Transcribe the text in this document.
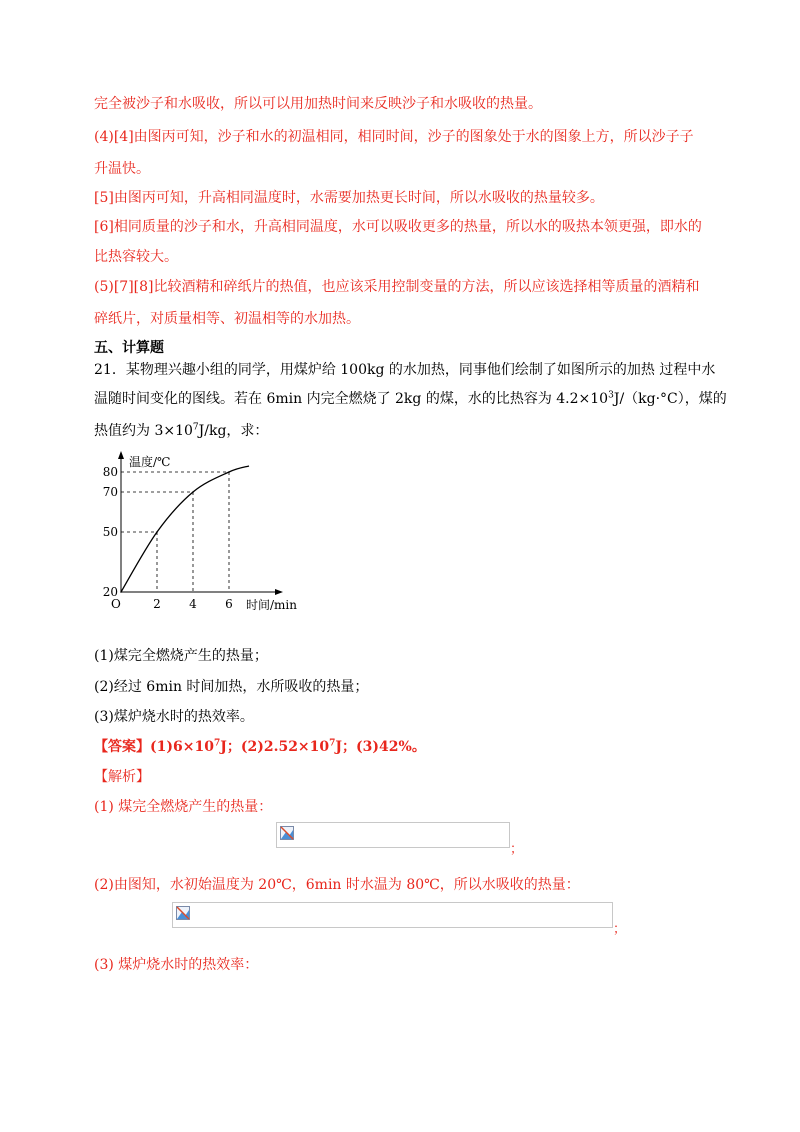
完全被沙子和水吸收，所以可以用加热时间来反映沙子和水吸收的热量。
(4)[4]由图丙可知，沙子和水的初温相同，相同时间，沙子的图象处于水的图象上方，所以沙子子
升温快。
[5]由图丙可知，升高相同温度时，水需要加热更长时间，所以水吸收的热量较多。
[6]相同质量的沙子和水，升高相同温度，水可以吸收更多的热量，所以水的吸热本领更强，即水的
比热容较大。
(5)[7][8]比较酒精和碎纸片的热值，也应该采用控制变量的方法，所以应该选择相等质量的酒精和
碎纸片，对质量相等、初温相等的水加热。
五、计算题
21．某物理兴趣小组的同学，用煤炉给 100kg 的水加热，同事他们绘制了如图所示的加热 过程中水
温随时间变化的图线。若在 6min 内完全燃烧了 2kg 的煤，水的比热容为 $4.2\times 10^3J/(kg\cdot^\circ C)$，煤的
热值约为 $3\times 10^7J/kg$，求：
温度/℃
时间/min
O
20
50
70
80
2 4 6
(1)煤完全燃烧产生的热量；
(2)经过 6min 时间加热，水所吸收的热量；
(3)煤炉烧水时的热效率。
【答案】$(1)6\times 10^7J$；$(2)2.52\times 10^7J$；(3)42%。
【解析】
(1) 煤完全燃烧产生的热量：
；
(2)由图知，水初始温度为 20℃，6min 时水温为 80℃，所以水吸收的热量：
；
(3) 煤炉烧水时的热效率：
